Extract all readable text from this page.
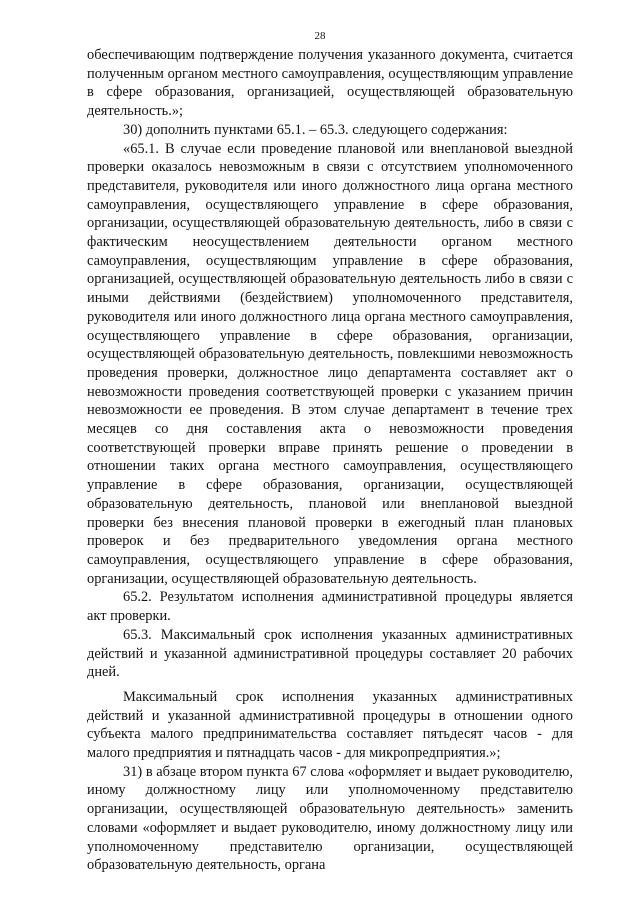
28

обеспечивающим подтверждение получения указанного документа, считается полученным органом местного самоуправления, осуществляющим управление в сфере образования, организацией, осуществляющей образовательную деятельность.»;

30) дополнить пунктами 65.1. – 65.3. следующего содержания:

«65.1. В случае если проведение плановой или внеплановой выездной проверки оказалось невозможным в связи с отсутствием уполномоченного представителя, руководителя или иного должностного лица органа местного самоуправления, осуществляющего управление в сфере образования, организации, осуществляющей образовательную деятельность, либо в связи с фактическим неосуществлением деятельности органом местного самоуправления, осуществляющим управление в сфере образования, организацией, осуществляющей образовательную деятельность либо в связи с иными действиями (бездействием) уполномоченного представителя, руководителя или иного должностного лица органа местного самоуправления, осуществляющего управление в сфере образования, организации, осуществляющей образовательную деятельность, повлекшими невозможность проведения проверки, должностное лицо департамента составляет акт о невозможности проведения соответствующей проверки с указанием причин невозможности ее проведения. В этом случае департамент в течение трех месяцев со дня составления акта о невозможности проведения соответствующей проверки вправе принять решение о проведении в отношении таких органа местного самоуправления, осуществляющего управление в сфере образования, организации, осуществляющей образовательную деятельность, плановой или внеплановой выездной проверки без внесения плановой проверки в ежегодный план плановых проверок и без предварительного уведомления органа местного самоуправления, осуществляющего управление в сфере образования, организации, осуществляющей образовательную деятельность.

65.2. Результатом исполнения административной процедуры является акт проверки.

65.3. Максимальный срок исполнения указанных административных действий и указанной административной процедуры составляет 20 рабочих дней.

Максимальный срок исполнения указанных административных действий и указанной административной процедуры в отношении одного субъекта малого предпринимательства составляет пятьдесят часов - для малого предприятия и пятнадцать часов - для микропредприятия.»;

31) в абзаце втором пункта 67 слова «оформляет и выдает руководителю, иному должностному лицу или уполномоченному представителю организации, осуществляющей образовательную деятельность» заменить словами «оформляет и выдает руководителю, иному должностному лицу или уполномоченному представителю организации, осуществляющей образовательную деятельность, органа
